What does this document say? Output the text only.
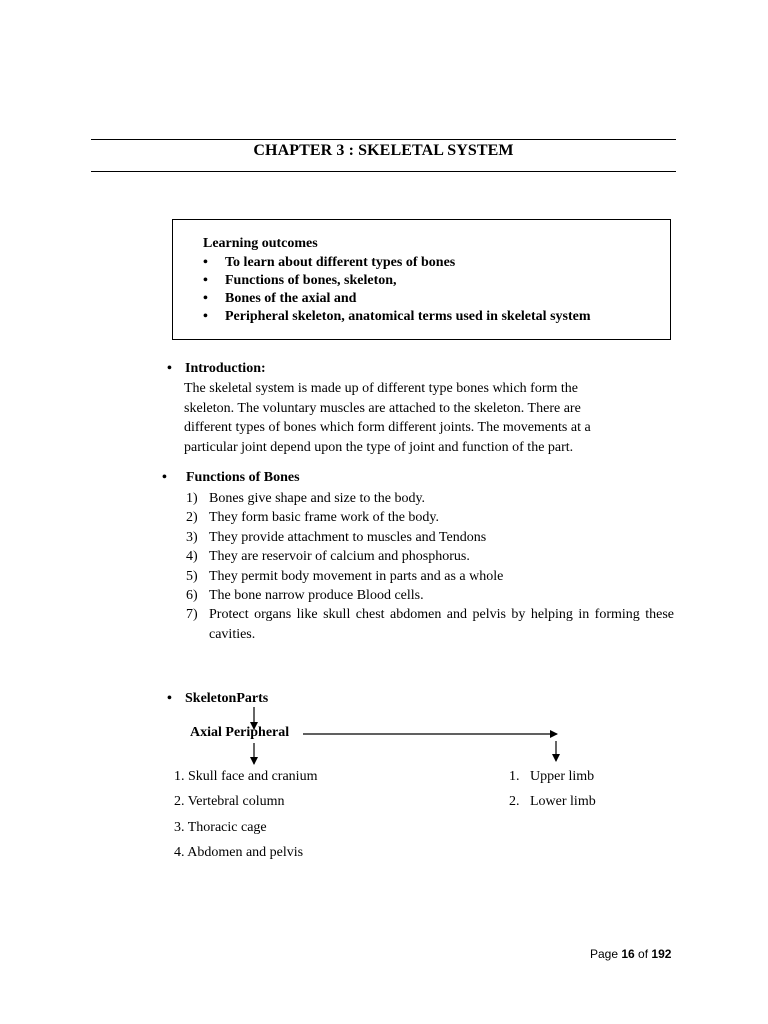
CHAPTER 3 : SKELETAL SYSTEM
Learning outcomes
• To learn about different types of bones
• Functions of bones, skeleton,
• Bones of the axial and
• Peripheral skeleton, anatomical terms used in skeletal system
• Introduction:
The skeletal system is made up of different type bones which form the
skeleton. The voluntary muscles are attached to the skeleton. There are
different types of bones which form different joints. The movements at a
particular joint depend upon the type of joint and function of the part.
• Functions of Bones
1) Bones give shape and size to the body.
2) They form basic frame work of the body.
3) They provide attachment to muscles and Tendons
4) They are reservoir of calcium and phosphorus.
5) They permit body movement in parts and as a whole
6) The bone narrow produce Blood cells.
7) Protect organs like skull chest abdomen and pelvis by helping in forming these cavities.
• SkeletonParts
Axial Peripheral
1. Skull face and cranium
2. Vertebral column
3. Thoracic cage
4. Abdomen and pelvis
1. Upper limb
2. Lower limb
Page 16 of 192
